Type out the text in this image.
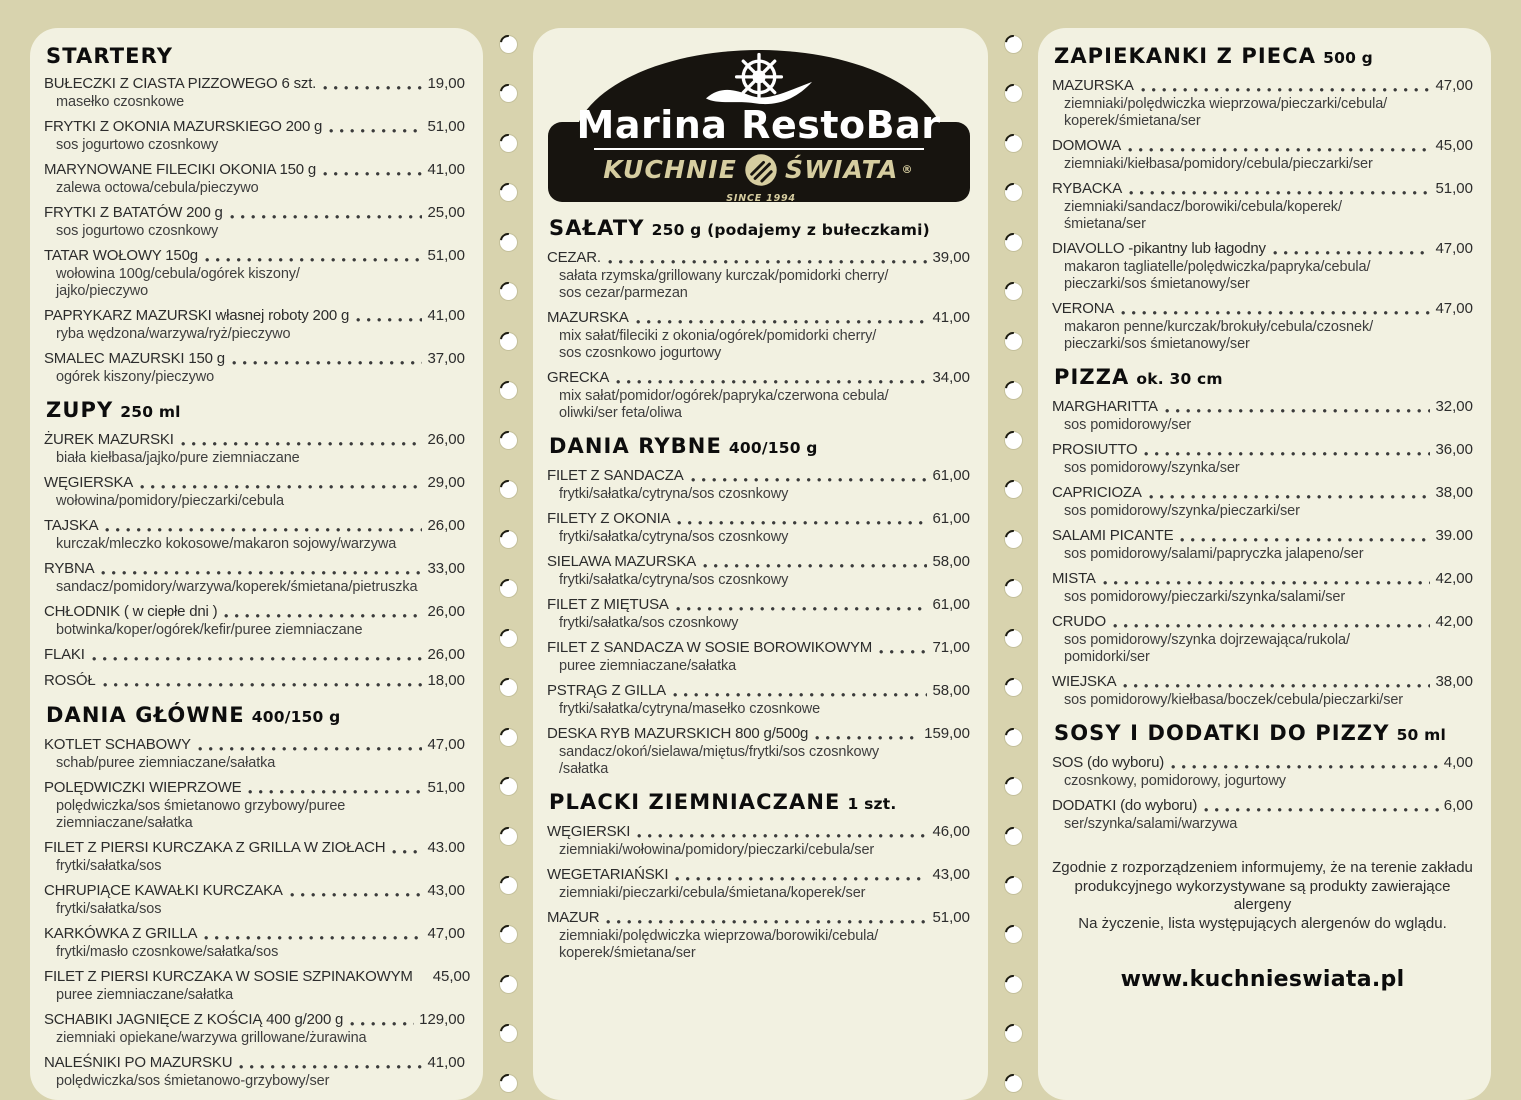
STARTERY
BUŁECZKI Z CIASTA PIZZOWEGO 6 szt.	19,00
masełko czosnkowe
FRYTKI Z OKONIA MAZURSKIEGO 200 g	51,00
sos jogurtowo czosnkowy
MARYNOWANE FILECIKI OKONIA 150 g	41,00
zalewa octowa/cebula/pieczywo
FRYTKI Z BATATÓW 200 g	25,00
sos jogurtowo czosnkowy
TATAR WOŁOWY 150g	51,00
wołowina 100g/cebula/ogórek kiszony/
jajko/pieczywo
PAPRYKARZ MAZURSKI własnej roboty 200 g	41,00
ryba wędzona/warzywa/ryż/pieczywo
SMALEC MAZURSKI 150 g	37,00
ogórek kiszony/pieczywo
ZUPY 250 ml
ŻUREK MAZURSKI	26,00
biała kiełbasa/jajko/pure ziemniaczane
WĘGIERSKA	29,00
wołowina/pomidory/pieczarki/cebula
TAJSKA	26,00
kurczak/mleczko kokosowe/makaron sojowy/warzywa
RYBNA	33,00
sandacz/pomidory/warzywa/koperek/śmietana/pietruszka
CHŁODNIK ( w ciepłe dni )	26,00
botwinka/koper/ogórek/kefir/puree ziemniaczane
FLAKI	26,00
ROSÓŁ	18,00
DANIA GŁÓWNE 400/150 g
KOTLET SCHABOWY	47,00
schab/puree ziemniaczane/sałatka
POLĘDWICZKI WIEPRZOWE	51,00
polędwiczka/sos śmietanowo grzybowy/puree
ziemniaczane/sałatka
FILET Z PIERSI KURCZAKA Z GRILLA W ZIOŁACH	43.00
frytki/sałatka/sos
CHRUPIĄCE KAWAŁKI KURCZAKA	43,00
frytki/sałatka/sos
KARKÓWKA Z GRILLA	47,00
frytki/masło czosnkowe/sałatka/sos
FILET Z PIERSI KURCZAKA W SOSIE SZPINAKOWYM 45,00
puree ziemniaczane/sałatka
SCHABIKI JAGNIĘCE Z KOŚCIĄ 400 g/200 g	129,00
ziemniaki opiekane/warzywa grillowane/żurawina
NALEŚNIKI PO MAZURSKU	41,00
polędwiczka/sos śmietanowo-grzybowy/ser
Marina RestoBar
KUCHNIE
SINCE 1994
ŚWIATA ®
SAŁATY 250 g (podajemy z bułeczkami)
CEZAR.	39,00
sałata rzymska/grillowany kurczak/pomidorki cherry/
sos cezar/parmezan
MAZURSKA	41,00
mix sałat/fileciki z okonia/ogórek/pomidorki cherry/
sos czosnkowo jogurtowy
GRECKA	34,00
mix sałat/pomidor/ogórek/papryka/czerwona cebula/
oliwki/ser feta/oliwa
DANIA RYBNE 400/150 g
FILET Z SANDACZA	61,00
frytki/sałatka/cytryna/sos czosnkowy
FILETY Z OKONIA	61,00
frytki/sałatka/cytryna/sos czosnkowy
SIELAWA MAZURSKA	58,00
frytki/sałatka/cytryna/sos czosnkowy
FILET Z MIĘTUSA	61,00
frytki/sałatka/sos czosnkowy
FILET Z SANDACZA W SOSIE BOROWIKOWYM	71,00
puree ziemniaczane/sałatka
PSTRĄG Z GILLA	58,00
frytki/sałatka/cytryna/masełko czosnkowe
DESKA RYB MAZURSKICH 800 g/500g	159,00
sandacz/okoń/sielawa/miętus/frytki/sos czosnkowy
/sałatka
PLACKI ZIEMNIACZANE 1 szt.
WĘGIERSKI	46,00
ziemniaki/wołowina/pomidory/pieczarki/cebula/ser
WEGETARIAŃSKI	43,00
ziemniaki/pieczarki/cebula/śmietana/koperek/ser
MAZUR	51,00
ziemniaki/polędwiczka wieprzowa/borowiki/cebula/
koperek/śmietana/ser
ZAPIEKANKI Z PIECA 500 g
MAZURSKA	47,00
ziemniaki/polędwiczka wieprzowa/pieczarki/cebula/
koperek/śmietana/ser
DOMOWA	45,00
ziemniaki/kiełbasa/pomidory/cebula/pieczarki/ser
RYBACKA	51,00
ziemniaki/sandacz/borowiki/cebula/koperek/
śmietana/ser
DIAVOLLO -pikantny lub łagodny	47,00
makaron tagliatelle/polędwiczka/papryka/cebula/
pieczarki/sos śmietanowy/ser
VERONA	47,00
makaron penne/kurczak/brokuły/cebula/czosnek/
pieczarki/sos śmietanowy/ser
PIZZA ok. 30 cm
MARGHARITTA	32,00
sos pomidorowy/ser
PROSIUTTO	36,00
sos pomidorowy/szynka/ser
CAPRICIOZA	38,00
sos pomidorowy/szynka/pieczarki/ser
SALAMI PICANTE	39.00
sos pomidorowy/salami/papryczka jalapeno/ser
MISTA	42,00
sos pomidorowy/pieczarki/szynka/salami/ser
CRUDO	42,00
sos pomidorowy/szynka dojrzewająca/rukola/
pomidorki/ser
WIEJSKA	38,00
sos pomidorowy/kiełbasa/boczek/cebula/pieczarki/ser
SOSY I DODATKI DO PIZZY 50 ml
SOS (do wyboru)	4,00
czosnkowy, pomidorowy, jogurtowy
DODATKI (do wyboru)	6,00
ser/szynka/salami/warzywa
Zgodnie z rozporządzeniem informujemy, że na terenie zakładu
produkcyjnego wykorzystywane są produkty zawierające alergeny
Na życzenie, lista występujących alergenów do wglądu.
www.kuchnieswiata.pl
